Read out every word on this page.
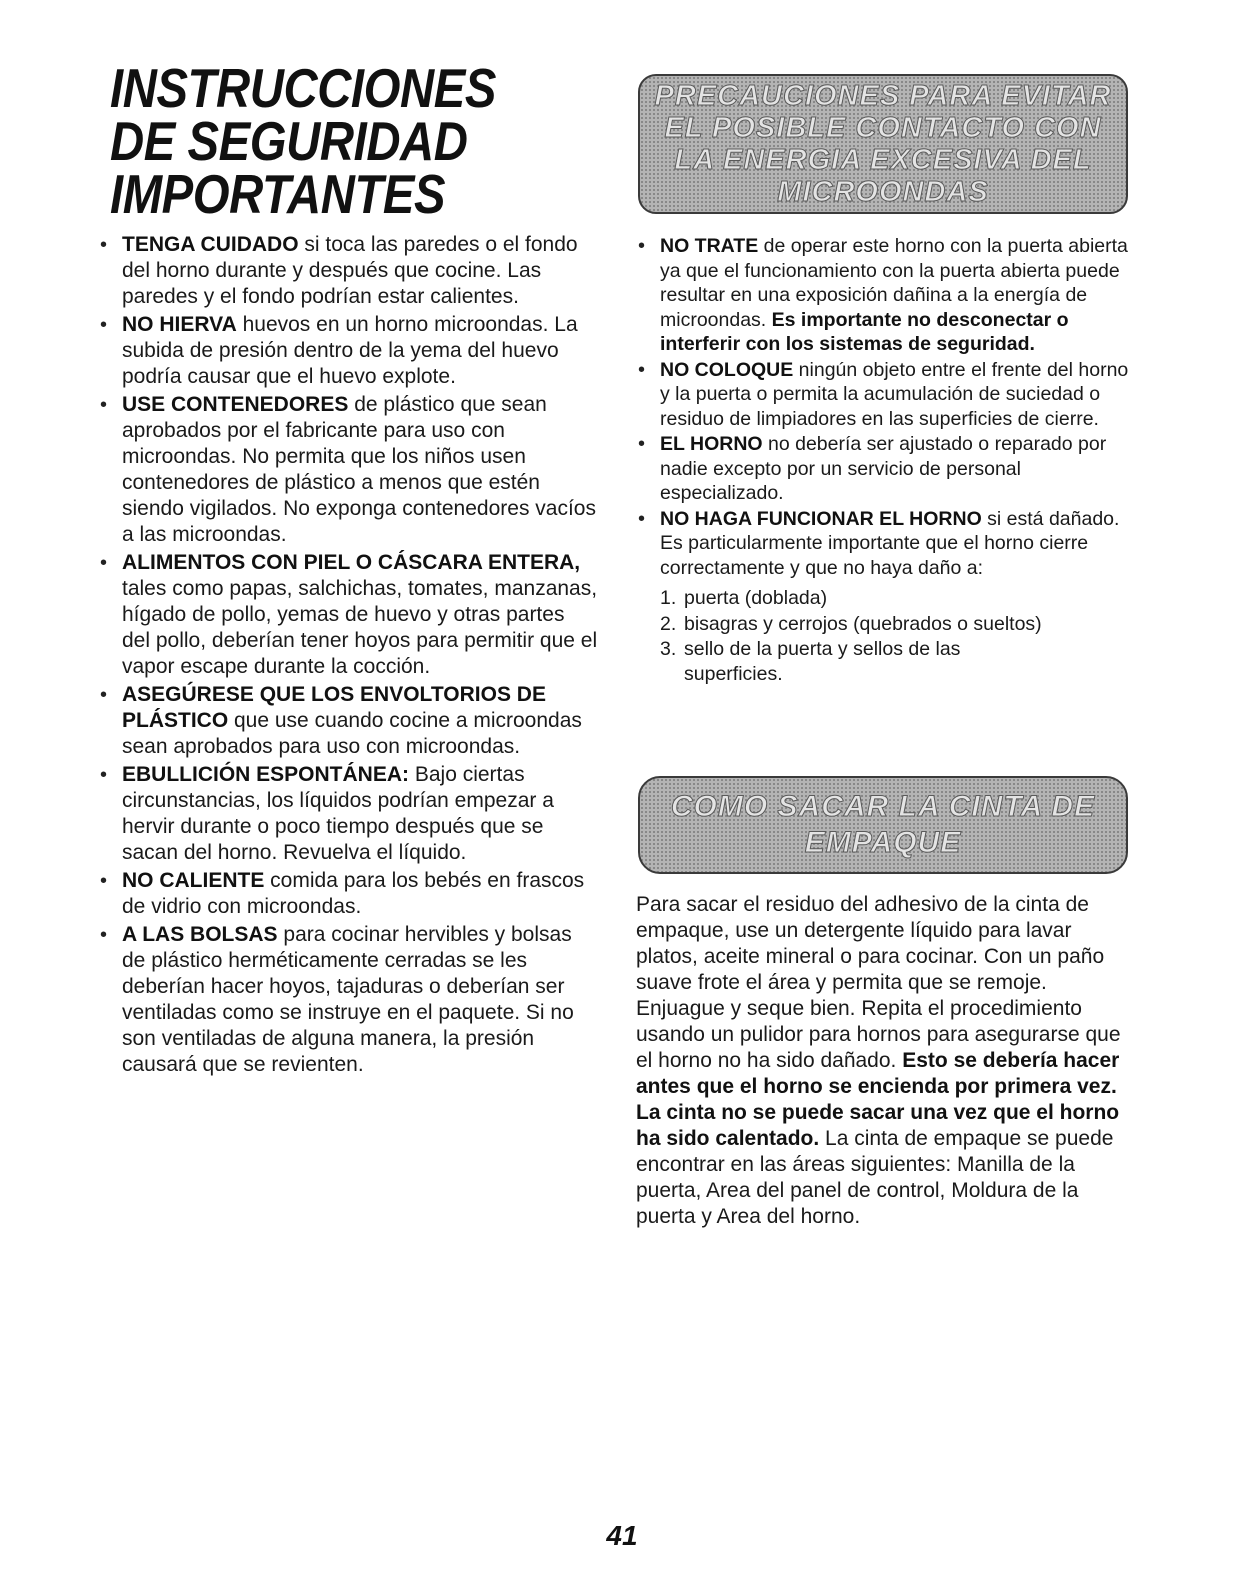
INSTRUCCIONES
DE SEGURIDAD
IMPORTANTES
• TENGA CUIDADO si toca las paredes o el fondo del horno durante y después que cocine. Las paredes y el fondo podrían estar calientes.
• NO HIERVA huevos en un horno microondas. La subida de presión dentro de la yema del huevo podría causar que el huevo explote.
• USE CONTENEDORES de plástico que sean aprobados por el fabricante para uso con microondas. No permita que los niños usen contenedores de plástico a menos que estén siendo vigilados. No exponga contenedores vacíos a las microondas.
• ALIMENTOS CON PIEL O CÁSCARA ENTERA, tales como papas, salchichas, tomates, manzanas, hígado de pollo, yemas de huevo y otras partes del pollo, deberían tener hoyos para permitir que el vapor escape durante la cocción.
• ASEGÚRESE QUE LOS ENVOLTORIOS DE PLÁSTICO que use cuando cocine a microondas sean aprobados para uso con microondas.
• EBULLICIÓN ESPONTÁNEA: Bajo ciertas circunstancias, los líquidos podrían empezar a hervir durante o poco tiempo después que se sacan del horno. Revuelva el líquido.
• NO CALIENTE comida para los bebés en frascos de vidrio con microondas.
• A LAS BOLSAS para cocinar hervibles y bolsas de plástico herméticamente cerradas se les deberían hacer hoyos, tajaduras o deberían ser ventiladas como se instruye en el paquete. Si no son ventiladas de alguna manera, la presión causará que se revienten.
PRECAUCIONES PARA EVITAR
EL POSIBLE CONTACTO CON
LA ENERGIA EXCESIVA DEL
MICROONDAS
• NO TRATE de operar este horno con la puerta abierta ya que el funcionamiento con la puerta abierta puede resultar en una exposición dañina a la energía de microondas. Es importante no desconectar o interferir con los sistemas de seguridad.
• NO COLOQUE ningún objeto entre el frente del horno y la puerta o permita la acumulación de suciedad o residuo de limpiadores en las superficies de cierre.
• EL HORNO no debería ser ajustado o reparado por nadie excepto por un servicio de personal especializado.
• NO HAGA FUNCIONAR EL HORNO si está dañado. Es particularmente importante que el horno cierre correctamente y que no haya daño a:
1. puerta (doblada)
2. bisagras y cerrojos (quebrados o sueltos)
3. sello de la puerta y sellos de las
superficies.
COMO SACAR LA CINTA DE
EMPAQUE

Para sacar el residuo del adhesivo de la cinta de empaque, use un detergente líquido para lavar platos, aceite mineral o para cocinar. Con un paño suave frote el área y permita que se remoje. Enjuague y seque bien. Repita el procedimiento usando un pulidor para hornos para asegurarse que el horno no ha sido dañado. Esto se debería hacer antes que el horno se encienda por primera vez. La cinta no se puede sacar una vez que el horno ha sido calentado. La cinta de empaque se puede encontrar en las áreas siguientes: Manilla de la puerta, Area del panel de control, Moldura de la puerta y Area del horno.

41
